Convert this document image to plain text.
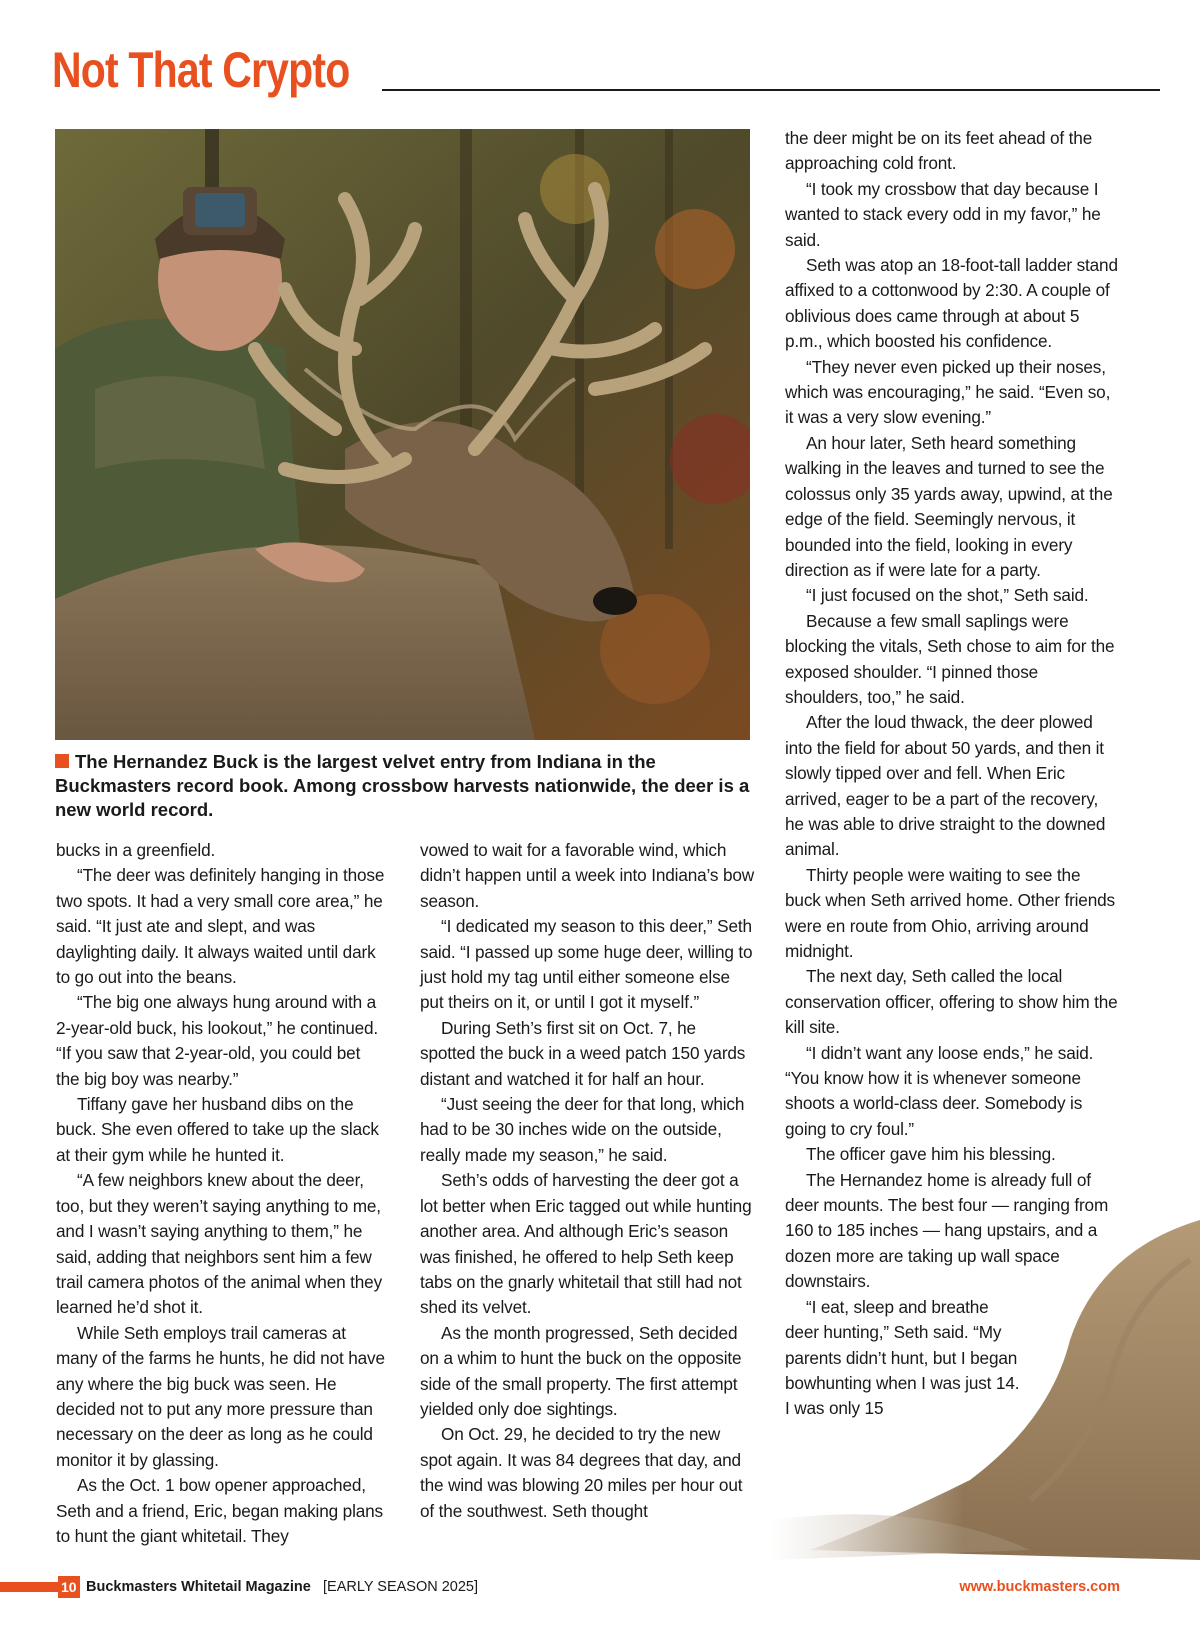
Not That Crypto
The Hernandez Buck is the largest velvet entry from Indiana in the Buckmasters record book. Among crossbow harvests nationwide, the deer is a new world record.

bucks in a greenfield.

“The deer was definitely hanging in those two spots. It had a very small core area,” he said. “It just ate and slept, and was daylighting daily. It always waited until dark to go out into the beans.

“The big one always hung around with a 2-year-old buck, his lookout,” he continued. “If you saw that 2-year-old, you could bet the big boy was nearby.”

Tiffany gave her husband dibs on the buck. She even offered to take up the slack at their gym while he hunted it.

“A few neighbors knew about the deer, too, but they weren’t saying anything to me, and I wasn’t saying anything to them,” he said, adding that neighbors sent him a few trail camera photos of the animal when they learned he’d shot it.

While Seth employs trail cameras at many of the farms he hunts, he did not have any where the big buck was seen. He decided not to put any more pressure than necessary on the deer as long as he could monitor it by glassing.

As the Oct. 1 bow opener approached, Seth and a friend, Eric, began making plans to hunt the giant whitetail. They

vowed to wait for a favorable wind, which didn’t happen until a week into Indiana’s bow season.

“I dedicated my season to this deer,” Seth said. “I passed up some huge deer, willing to just hold my tag until either someone else put theirs on it, or until I got it myself.”

During Seth’s first sit on Oct. 7, he spotted the buck in a weed patch 150 yards distant and watched it for half an hour.

“Just seeing the deer for that long, which had to be 30 inches wide on the outside, really made my season,” he said.

Seth’s odds of harvesting the deer got a lot better when Eric tagged out while hunting another area. And although Eric’s season was finished, he offered to help Seth keep tabs on the gnarly whitetail that still had not shed its velvet.

As the month progressed, Seth decided on a whim to hunt the buck on the opposite side of the small property. The first attempt yielded only doe sightings.

On Oct. 29, he decided to try the new spot again. It was 84 degrees that day, and the wind was blowing 20 miles per hour out of the southwest. Seth thought

the deer might be on its feet ahead of the approaching cold front.

“I took my crossbow that day because I wanted to stack every odd in my favor,” he said.

Seth was atop an 18-foot-tall ladder stand affixed to a cottonwood by 2:30. A couple of oblivious does came through at about 5 p.m., which boosted his confidence.

“They never even picked up their noses, which was encouraging,” he said. “Even so, it was a very slow evening.”

An hour later, Seth heard something walking in the leaves and turned to see the colossus only 35 yards away, upwind, at the edge of the field. Seemingly nervous, it bounded into the field, looking in every direction as if were late for a party.

“I just focused on the shot,” Seth said.

Because a few small saplings were blocking the vitals, Seth chose to aim for the exposed shoulder. “I pinned those shoulders, too,” he said.

After the loud thwack, the deer plowed into the field for about 50 yards, and then it slowly tipped over and fell. When Eric arrived, eager to be a part of the recovery, he was able to drive straight to the downed animal.

Thirty people were waiting to see the buck when Seth arrived home. Other friends were en route from Ohio, arriving around midnight.

The next day, Seth called the local conservation officer, offering to show him the kill site.

“I didn’t want any loose ends,” he said. “You know how it is whenever someone shoots a world-class deer. Somebody is going to cry foul.”

The officer gave him his blessing.

The Hernandez home is already full of deer mounts. The best four — ranging from 160 to 185 inches — hang upstairs, and a dozen more are taking up wall space downstairs.

“I eat, sleep and breathe deer hunting,” Seth said. “My parents didn’t hunt, but I began bowhunting when I was just 14. I was only 15

10 Buckmasters Whitetail Magazine [EARLY SEASON 2025]	www.buckmasters.com
